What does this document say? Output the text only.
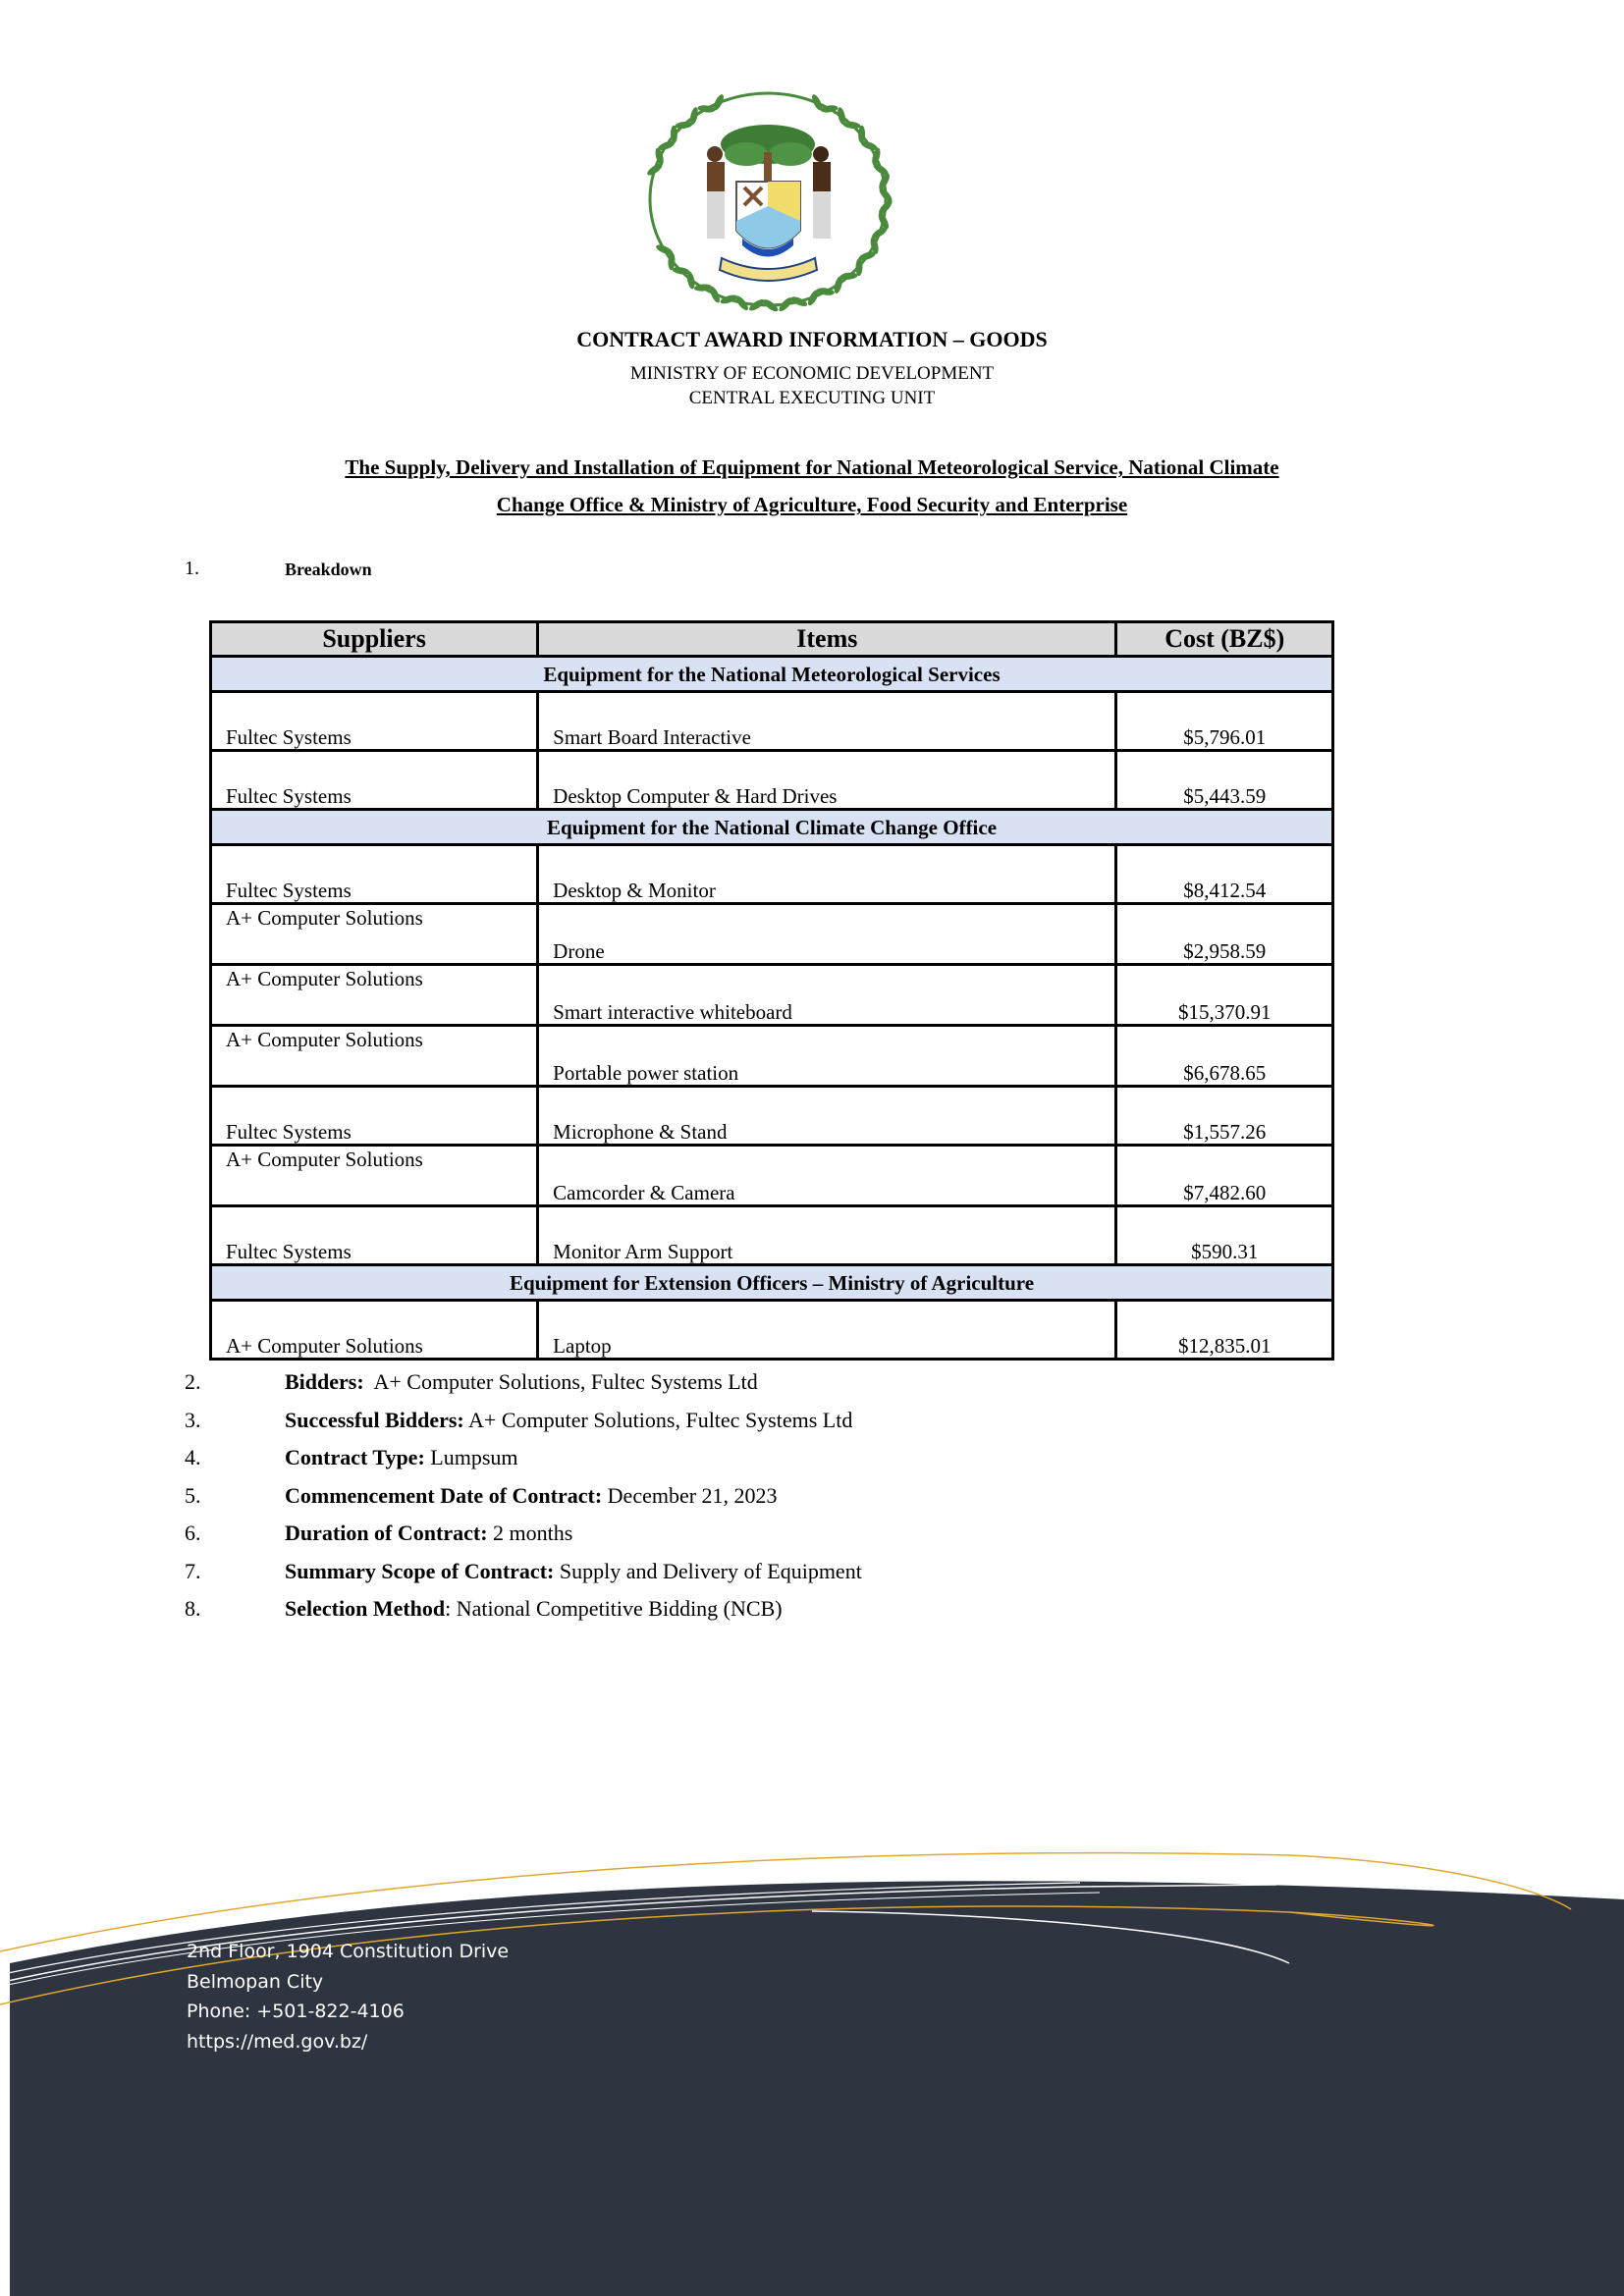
CONTRACT AWARD INFORMATION – GOODS
MINISTRY OF ECONOMIC DEVELOPMENT
CENTRAL EXECUTING UNIT
The Supply, Delivery and Installation of Equipment for National Meteorological Service, National Climate
Change Office & Ministry of Agriculture, Food Security and Enterprise
1.	Breakdown
Suppliers	Items	Cost (BZ$)
Equipment for the National Meteorological Services		
Fultec Systems	Smart Board Interactive	$5,796.01
Fultec Systems	Desktop Computer & Hard Drives	$5,443.59
Equipment for the National Climate Change Office		
Fultec Systems	Desktop & Monitor	$8,412.54
A+ Computer Solutions	Drone	$2,958.59
A+ Computer Solutions	Smart interactive whiteboard	$15,370.91
A+ Computer Solutions	Portable power station	$6,678.65
Fultec Systems	Microphone & Stand	$1,557.26
A+ Computer Solutions	Camcorder & Camera	$7,482.60
Fultec Systems	Monitor Arm Support	$590.31
Equipment for Extension Officers – Ministry of Agriculture		
A+ Computer Solutions	Laptop	$12,835.01
2.	Bidders:  A+ Computer Solutions, Fultec Systems Ltd
3.	Successful Bidders: A+ Computer Solutions, Fultec Systems Ltd
4.	Contract Type: Lumpsum
5.	Commencement Date of Contract: December 21, 2023
6.	Duration of Contract: 2 months
7.	Summary Scope of Contract: Supply and Delivery of Equipment
8.	Selection Method: National Competitive Bidding (NCB)
2nd Floor, 1904 Constitution Drive
Belmopan City
Phone: +501-822-4106
https://med.gov.bz/
